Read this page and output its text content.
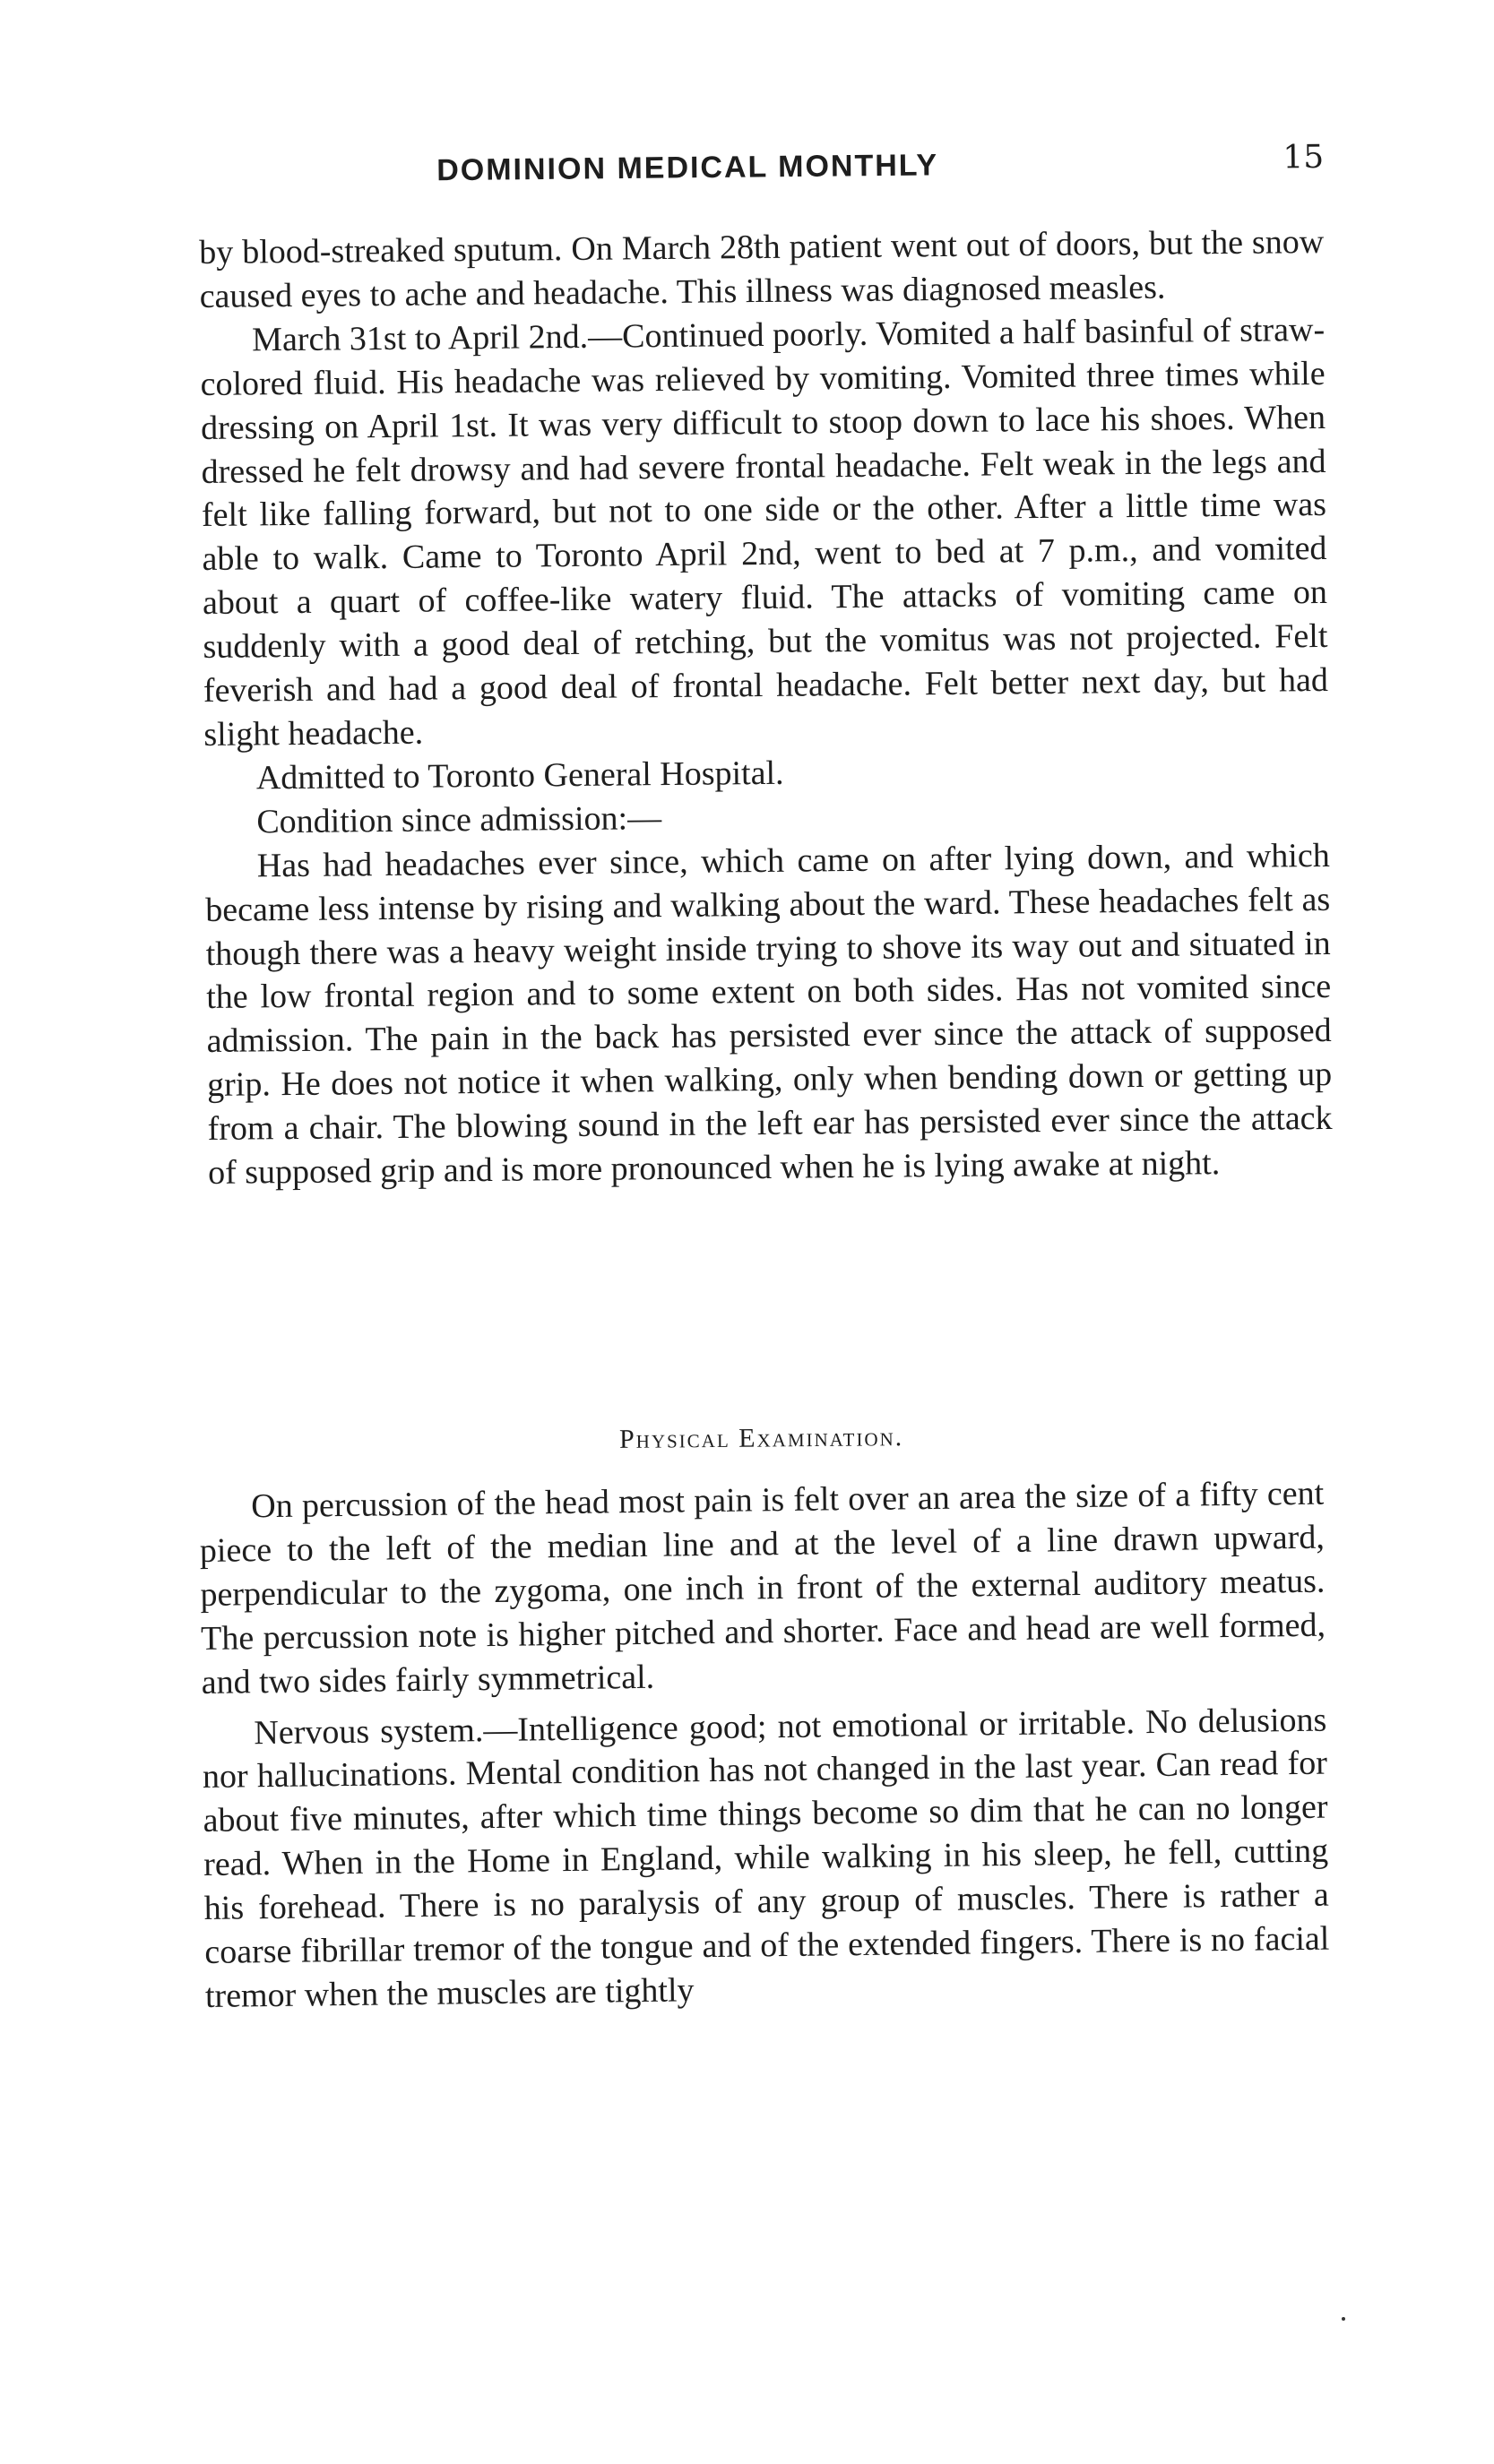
DOMINION MEDICAL MONTHLY	15

by blood-streaked sputum. On March 28th patient went out of doors, but the snow caused eyes to ache and headache. This illness was diagnosed measles.

March 31st to April 2nd.—Continued poorly. Vomited a half basinful of straw-colored fluid. His headache was relieved by vomiting. Vomited three times while dressing on April 1st. It was very difficult to stoop down to lace his shoes. When dressed he felt drowsy and had severe frontal headache. Felt weak in the legs and felt like falling forward, but not to one side or the other. After a little time was able to walk. Came to Toronto April 2nd, went to bed at 7 p.m., and vomited about a quart of coffee-like watery fluid. The attacks of vomiting came on suddenly with a good deal of retching, but the vomitus was not projected. Felt feverish and had a good deal of frontal headache. Felt better next day, but had slight headache.

Admitted to Toronto General Hospital.

Condition since admission:—

Has had headaches ever since, which came on after lying down, and which became less intense by rising and walking about the ward. These headaches felt as though there was a heavy weight inside trying to shove its way out and situated in the low frontal region and to some extent on both sides. Has not vomited since admission. The pain in the back has persisted ever since the attack of supposed grip. He does not notice it when walking, only when bending down or getting up from a chair. The blowing sound in the left ear has persisted ever since the attack of supposed grip and is more pronounced when he is lying awake at night.

Physical Examination.

On percussion of the head most pain is felt over an area the size of a fifty cent piece to the left of the median line and at the level of a line drawn upward, perpendicular to the zygoma, one inch in front of the external auditory meatus. The percussion note is higher pitched and shorter. Face and head are well formed, and two sides fairly symmetrical.

Nervous system.—Intelligence good; not emotional or irritable. No delusions nor hallucinations. Mental condition has not changed in the last year. Can read for about five minutes, after which time things become so dim that he can no longer read. When in the Home in England, while walking in his sleep, he fell, cutting his forehead. There is no paralysis of any group of muscles. There is rather a coarse fibrillar tremor of the tongue and of the extended fingers. There is no facial tremor when the muscles are tightly
